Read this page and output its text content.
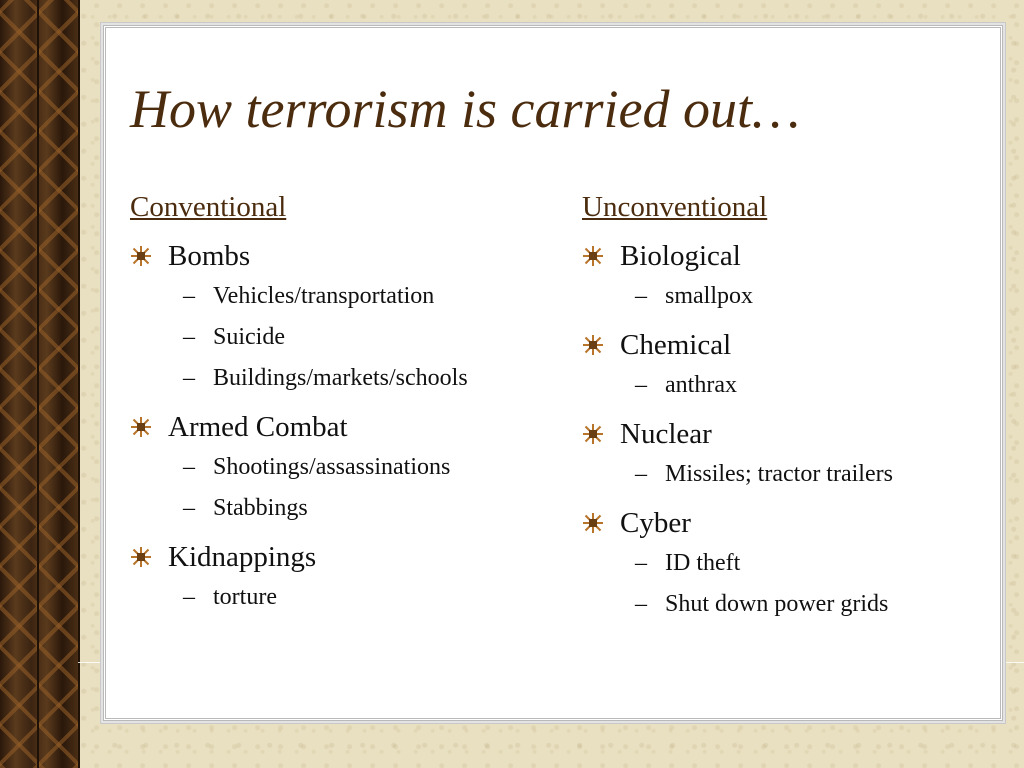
How terrorism is carried out…
Conventional
Bombs
– Vehicles/transportation
– Suicide
– Buildings/markets/schools
Armed Combat
– Shootings/assassinations
– Stabbings
Kidnappings
– torture
Unconventional
Biological
– smallpox
Chemical
– anthrax
Nuclear
– Missiles; tractor trailers
Cyber
– ID theft
– Shut down power grids
